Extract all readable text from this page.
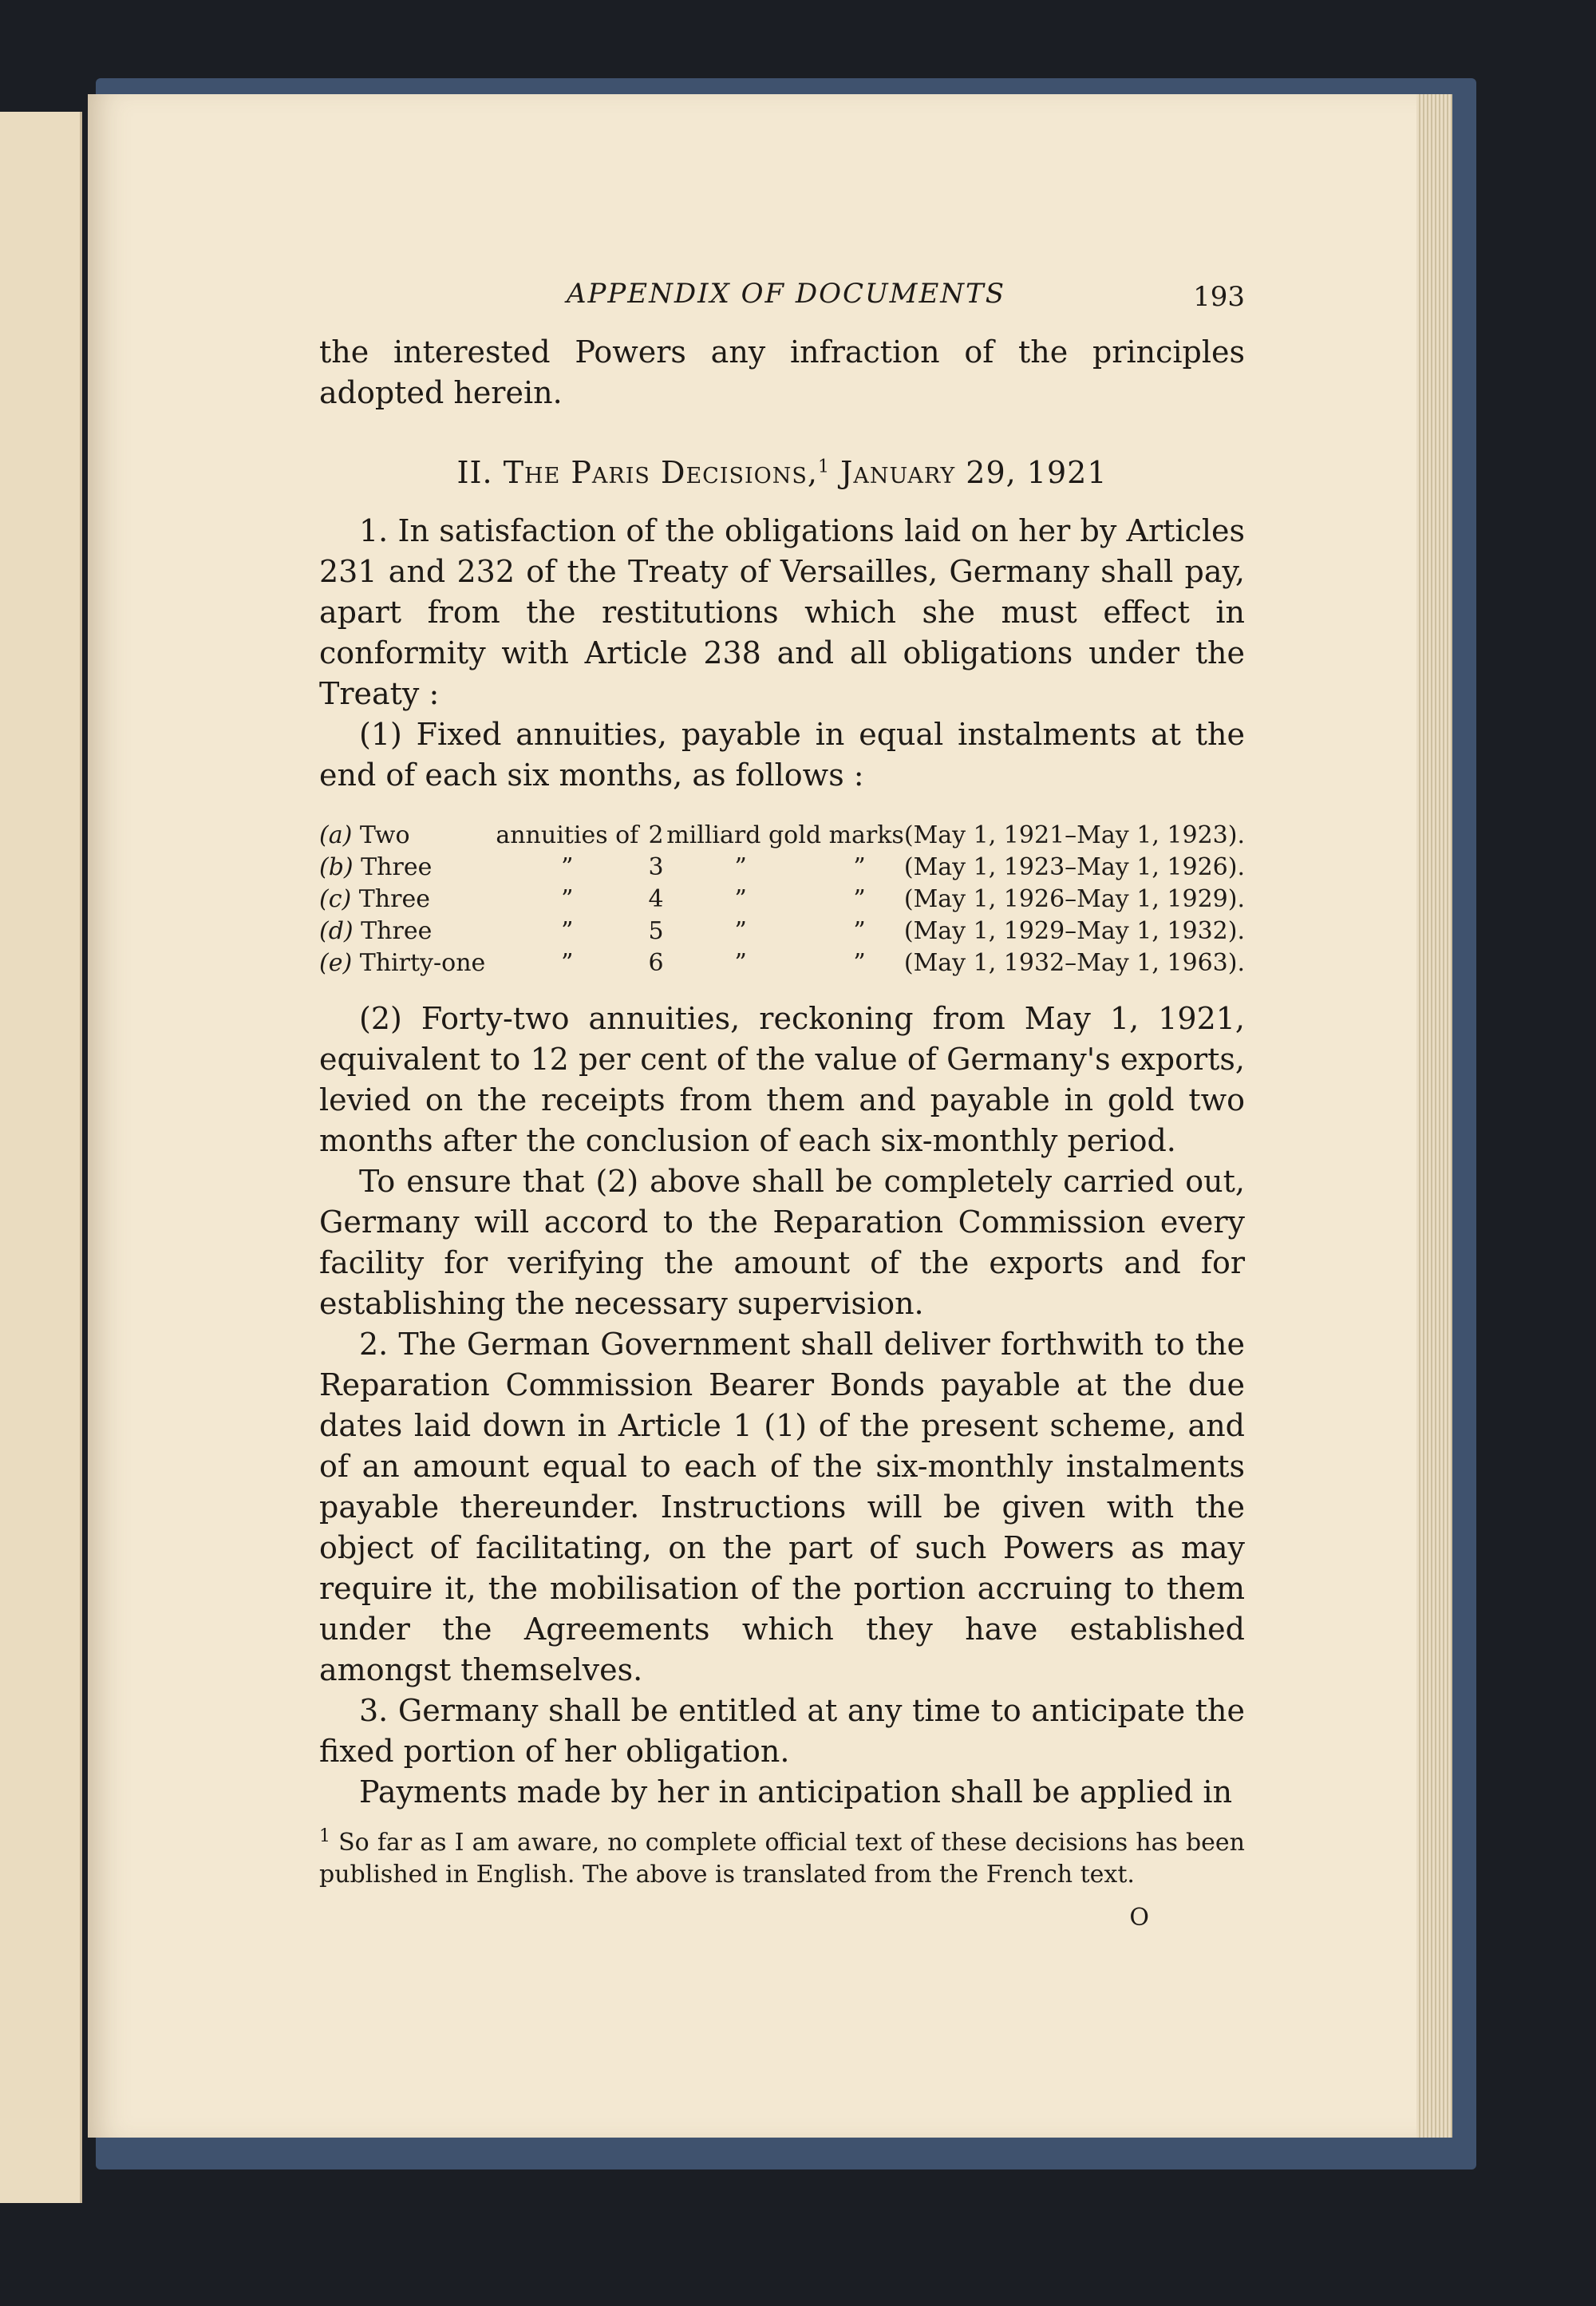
APPENDIX OF DOCUMENTS	193

the interested Powers any infraction of the principles adopted herein.

II. The Paris Decisions,$^1$ January 29, 1921

1. In satisfaction of the obligations laid on her by Articles 231 and 232 of the Treaty of Versailles, Germany shall pay, apart from the restitutions which she must effect in conformity with Article 238 and all obligations under the Treaty :

(1) Fixed annuities, payable in equal instalments at the end of each six months, as follows :

(a) Two	annuities of	2	milliard gold marks		(May 1, 1921–May 1, 1923).
(b) Three	”	3	”	”	(May 1, 1923–May 1, 1926).
(c) Three	”	4	”	”	(May 1, 1926–May 1, 1929).
(d) Three	”	5	”	”	(May 1, 1929–May 1, 1932).
(e) Thirty-one	”	6	”	”	(May 1, 1932–May 1, 1963).

(2) Forty-two annuities, reckoning from May 1, 1921, equivalent to 12 per cent of the value of Germany's exports, levied on the receipts from them and payable in gold two months after the conclusion of each six-monthly period.

To ensure that (2) above shall be completely carried out, Germany will accord to the Reparation Commission every facility for verifying the amount of the exports and for establishing the necessary supervision.

2. The German Government shall deliver forthwith to the Reparation Commission Bearer Bonds payable at the due dates laid down in Article 1 (1) of the present scheme, and of an amount equal to each of the six-monthly instalments payable thereunder. Instructions will be given with the object of facilitating, on the part of such Powers as may require it, the mobilisation of the portion accruing to them under the Agreements which they have established amongst themselves.

3. Germany shall be entitled at any time to anticipate the fixed portion of her obligation.

Payments made by her in anticipation shall be applied in

$^1$ So far as I am aware, no complete official text of these decisions has been published in English. The above is translated from the French text.
O
